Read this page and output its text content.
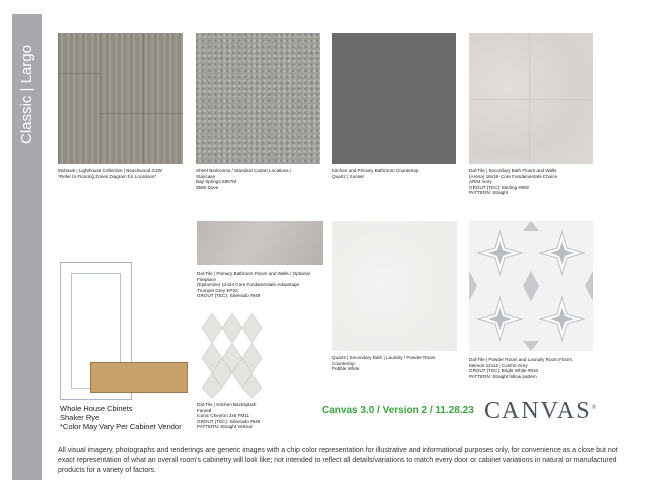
Classic | Largo
Mohawk | Lighthouse Collective | Beachwood G2W
*Refer to Flooring Zones Diagram for Locations*
Sheet Bedrooms / Standard Carpet Locations /
Staircase
Bay Springs 5857M
0560 Dove
Kitchen and Primary Bathroom Countertop
Quartz | Sunset
Dal-Tile | Secondary Bath Floors and Walls
(Arena) 18x18- Core Fundamentals-Choice
AR04 Ivory
GROUT (TEC): Sterling #909
PATTERN: Straight
Whole House Cbinets
Shaker Rye
*Color May Vary Per Cabinet Vendor
Dal-Tile | Primary Bathroom Floors and Walls / Optional
Fireplace
(Epitomize) 12x24 Core Fundamentals-Advantage
Trumpet Grey EP22
GROUT (TEC): Silverado #949
Dal-Tile | Kitchen Backsplash
Famed
Iconic Chevron 3x6 FM11
GROUT (TEC): Silverado #949
PATTERN: Straight Vertical
Quartz | Secondary Bath | Laundry / Powder Room
Countertop
Pebble White
Dal-Tile | Powder Room and Laundry Room Floors
Memoir 12x12 | Cosmo Grey
GROUT (TEC): Bright White #910
PATTERN: Straight follow pattern
Canvas 3.0 / Version 2 / 11.28.23 CANVAS®
All visual imagery, photographs and renderings are generic images with a chip color representation for illustrative and informational purposes only, for convenience as a close but not exact representation of what an overall room's cabinetry will look like; not intended to reflect all details/variations to match every door or cabinet variations in natural or manufactured products for a variety of factors.
